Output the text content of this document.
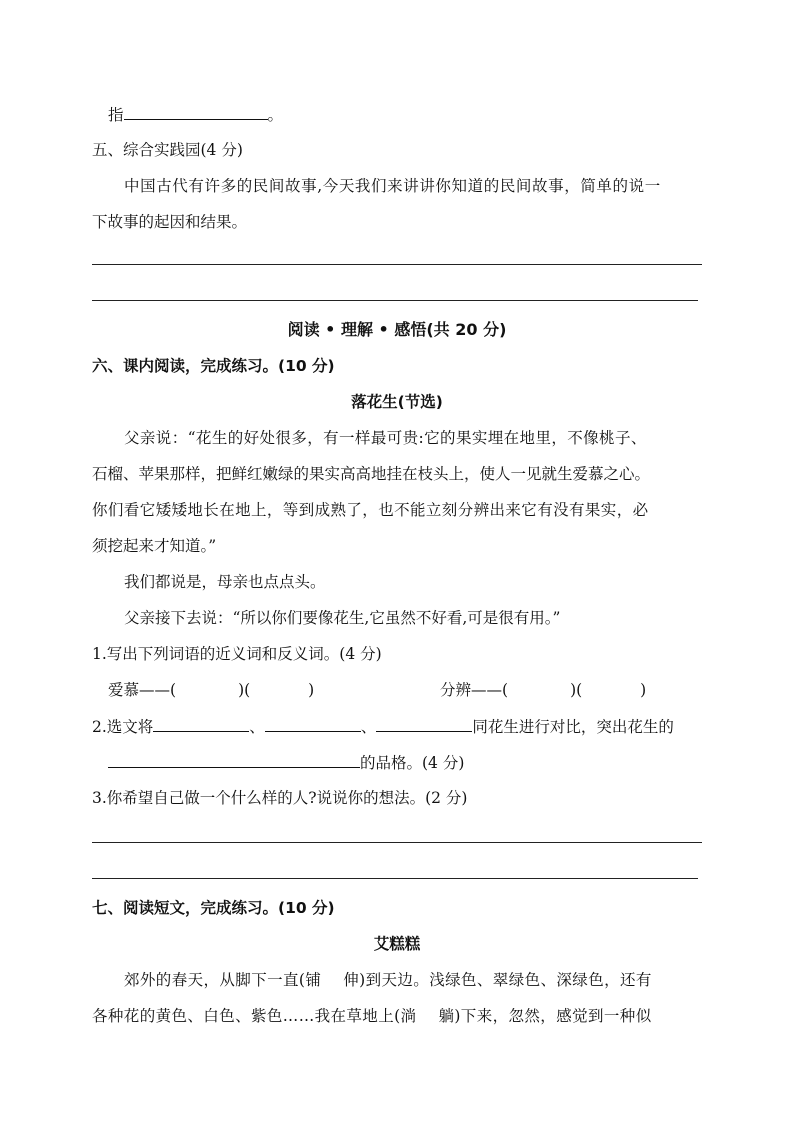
指	。
五、综合实践园(4 分)
中国古代有许多的民间故事,今天我们来讲讲你知道的民间故事，简单的说一
下故事的起因和结果。
阅读 • 理解 • 感悟(共 20 分)
六、课内阅读，完成练习。(10 分)
落花生(节选)
父亲说：“花生的好处很多，有一样最可贵:它的果实埋在地里，不像桃子、
石榴、苹果那样，把鲜红嫩绿的果实高高地挂在枝头上，使人一见就生爱慕之心。
你们看它矮矮地长在地上，等到成熟了，也不能立刻分辨出来它有没有果实，必
须挖起来才知道。”
我们都说是，母亲也点点头。
父亲接下去说：“所以你们要像花生,它虽然不好看,可是很有用。”
1.写出下列词语的近义词和反义词。(4 分)
爱慕——(	)(	)	分辨——(	)(	)
2.选文将	、	、	同花生进行对比，突出花生的
的品格。(4 分)
3.你希望自己做一个什么样的人?说说你的想法。(2 分)
七、阅读短文，完成练习。(10 分)
艾糕糕
郊外的春天，从脚下一直(铺 伸)到天边。浅绿色、翠绿色、深绿色，还有
各种花的黄色、白色、紫色……我在草地上(淌 躺)下来，忽然，感觉到一种似
